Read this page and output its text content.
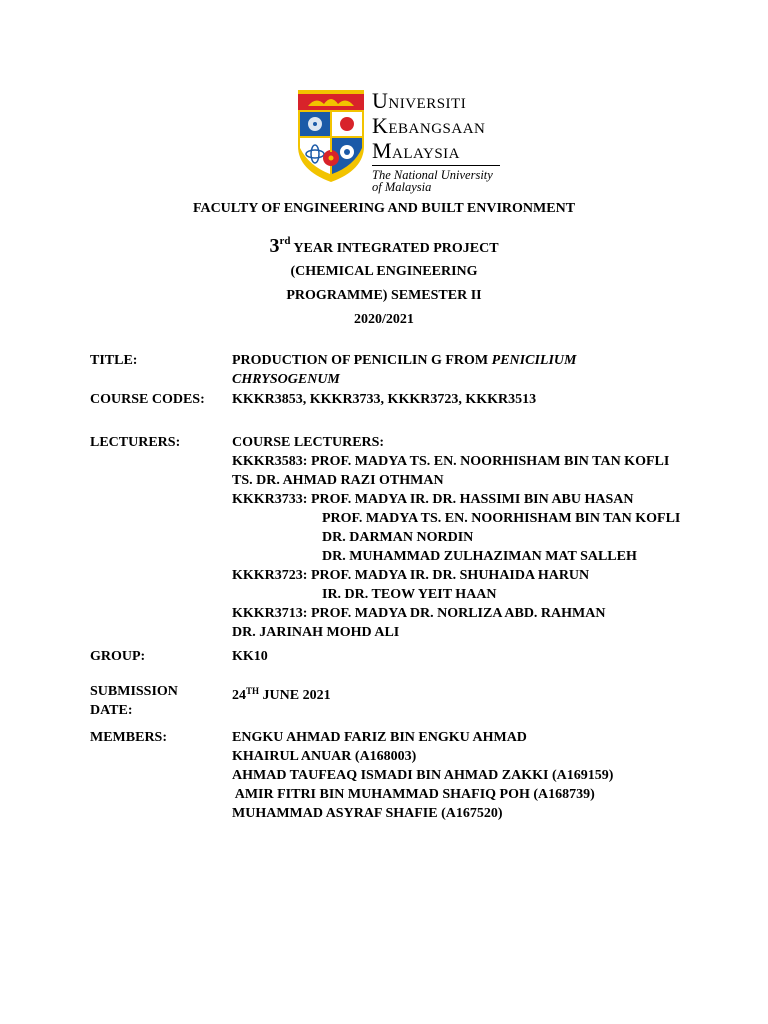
Universiti
Kebangsaan
Malaysia
The National University
of Malaysia
FACULTY OF ENGINEERING AND BUILT ENVIRONMENT
3rd YEAR INTEGRATED PROJECT
(CHEMICAL ENGINEERING
PROGRAMME) SEMESTER II
2020/2021
TITLE:	PRODUCTION OF PENICILIN G FROM PENICILIUM
CHRYSOGENUM
COURSE CODES:	KKKR3853, KKKR3733, KKKR3723, KKKR3513
LECTURERS:	COURSE LECTURERS:
KKKR3583: PROF. MADYA TS. EN. NOORHISHAM BIN TAN KOFLI
TS. DR. AHMAD RAZI OTHMAN
KKKR3733: PROF. MADYA IR. DR. HASSIMI BIN ABU HASAN
PROF. MADYA TS. EN. NOORHISHAM BIN TAN KOFLI
DR. DARMAN NORDIN
DR. MUHAMMAD ZULHAZIMAN MAT SALLEH
KKKR3723: PROF. MADYA IR. DR. SHUHAIDA HARUN
IR. DR. TEOW YEIT HAAN
KKKR3713: PROF. MADYA DR. NORLIZA ABD. RAHMAN
DR. JARINAH MOHD ALI
GROUP:	KK10
SUBMISSION
DATE:
24TH JUNE 2021
MEMBERS:	ENGKU AHMAD FARIZ BIN ENGKU AHMAD
KHAIRUL ANUAR (A168003)
AHMAD TAUFEAQ ISMADI BIN AHMAD ZAKKI (A169159)
AMIR FITRI BIN MUHAMMAD SHAFIQ POH (A168739)
MUHAMMAD ASYRAF SHAFIE (A167520)
